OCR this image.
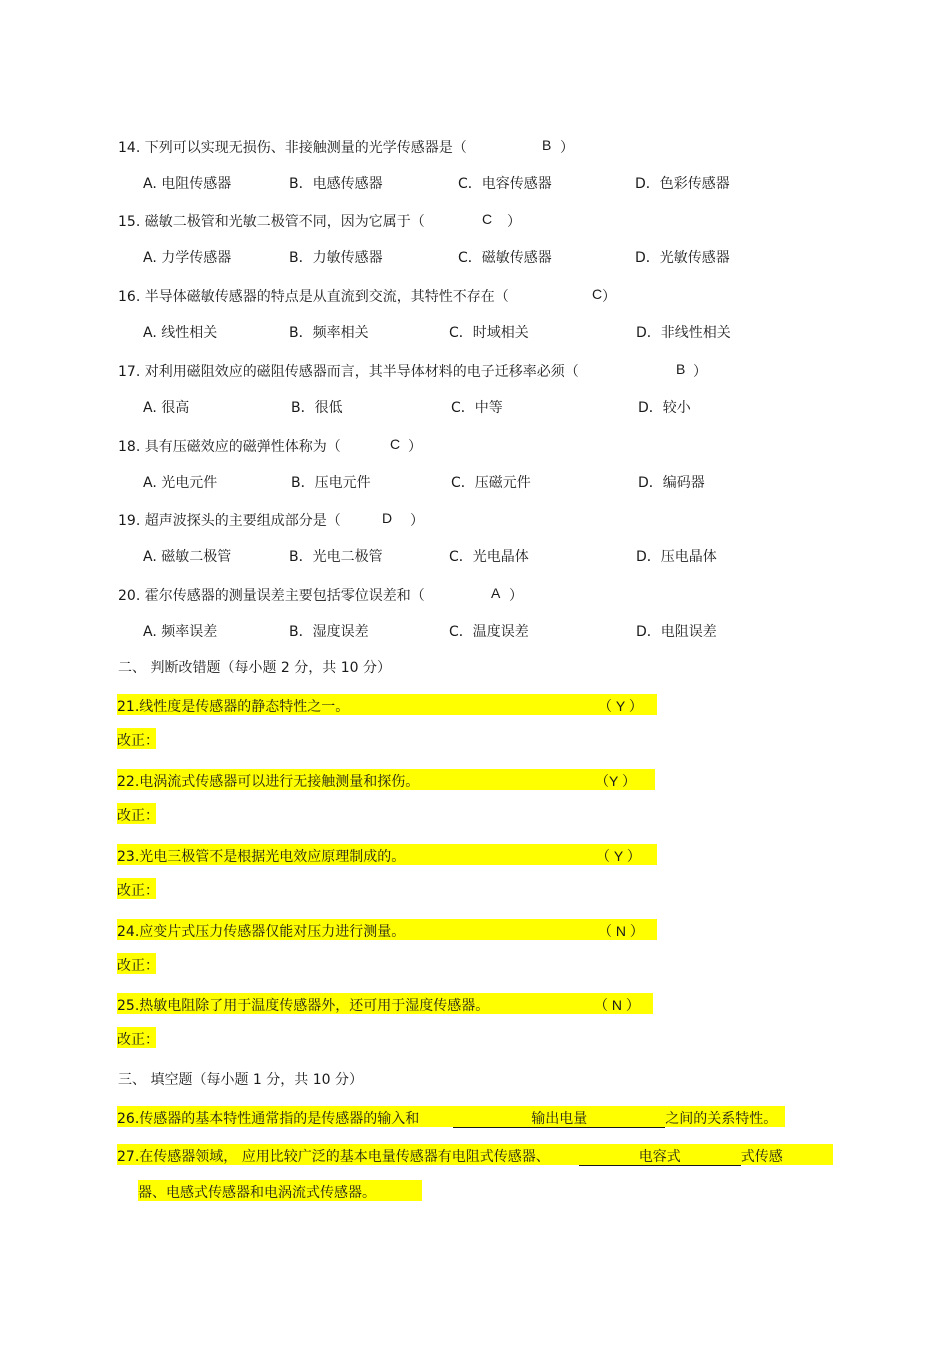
14. 下列可以实现无损伤、非接触测量的光学传感器是（	B ）
A. 电阻传感器	B．电感传感器	C．电容传感器	D．色彩传感器
15. 磁敏二极管和光敏二极管不同，因为它属于（	C ）
A. 力学传感器	B．力敏传感器	C．磁敏传感器	D．光敏传感器
16. 半导体磁敏传感器的特点是从直流到交流，其特性不存在（	C ）
A. 线性相关	B．频率相关	C．时域相关	D．非线性相关
17. 对利用磁阻效应的磁阻传感器而言，其半导体材料的电子迁移率必须（	B ）
A. 很高	B．很低	C．中等	D．较小
18. 具有压磁效应的磁弹性体称为（	C ）
A. 光电元件	B．压电元件	C．压磁元件	D．编码器
19. 超声波探头的主要组成部分是（	D ）
A. 磁敏二极管	B．光电二极管	C．光电晶体	D．压电晶体
20. 霍尔传感器的测量误差主要包括零位误差和（	A ）
A. 频率误差	B．湿度误差	C．温度误差	D．电阻误差
二、 判断改错题（每小题 2 分，共 10 分）
21.线性度是传感器的静态特性之一。	（ Y ）
改正：
22.电涡流式传感器可以进行无接触测量和探伤。	（Y ）
改正：
23.光电三极管不是根据光电效应原理制成的。	（ Y ）
改正：
24.应变片式压力传感器仅能对压力进行测量。	（ N ）
改正：
25.热敏电阻除了用于温度传感器外，还可用于湿度传感器。	（ N ）
改正：
三、 填空题（每小题 1 分，共 10 分）
26.传感器的基本特性通常指的是传感器的输入和	输出电量	之间的关系特性。
27.在传感器领域， 应用比较广泛的基本电量传感器有电阻式传感器、	电容式	式传感
器、电感式传感器和电涡流式传感器。
